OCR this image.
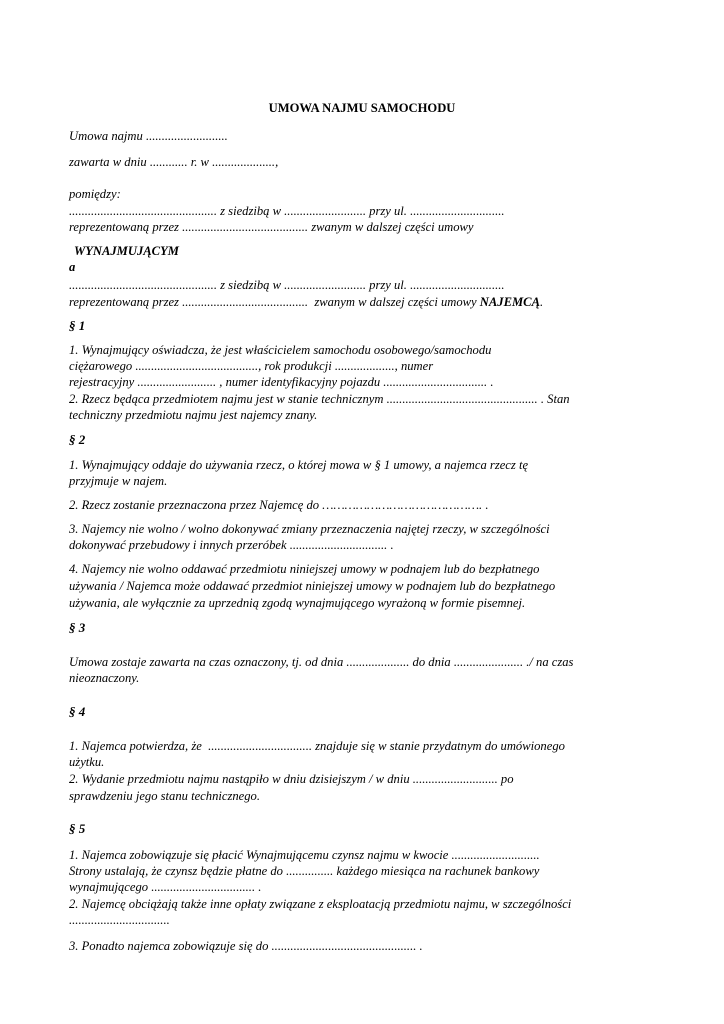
UMOWA NAJMU SAMOCHODU

Umowa najmu ..........................

zawarta w dniu ............ r. w ....................,

pomiędzy:

............................................... z siedzibą w .......................... przy ul. ..............................

reprezentowaną przez ........................................ zwanym w dalszej części umowy

WYNAJMUJĄCYM

a

............................................... z siedzibą w .......................... przy ul. ..............................

reprezentowaną przez ........................................  zwanym w dalszej części umowy NAJEMCĄ.

§ 1

1. Wynajmujący oświadcza, że jest właścicielem samochodu osobowego/samochodu

ciężarowego ......................................., rok produkcji ..................., numer

rejestracyjny ......................... , numer identyfikacyjny pojazdu ................................. .

2. Rzecz będąca przedmiotem najmu jest w stanie technicznym ................................................ . Stan

techniczny przedmiotu najmu jest najemcy znany.

§ 2

1. Wynajmujący oddaje do używania rzecz, o której mowa w § 1 umowy, a najemca rzecz tę

przyjmuje w najem.

2. Rzecz zostanie przeznaczona przez Najemcę do ……………………………………. .

3. Najemcy nie wolno / wolno dokonywać zmiany przeznaczenia najętej rzeczy, w szczególności

dokonywać przebudowy i innych przeróbek ............................... .

4. Najemcy nie wolno oddawać przedmiotu niniejszej umowy w podnajem lub do bezpłatnego

używania / Najemca może oddawać przedmiot niniejszej umowy w podnajem lub do bezpłatnego

używania, ale wyłącznie za uprzednią zgodą wynajmującego wyrażoną w formie pisemnej.

§ 3

Umowa zostaje zawarta na czas oznaczony, tj. od dnia .................... do dnia ...................... ./ na czas

nieoznaczony.

§ 4

1. Najemca potwierdza, że  ................................. znajduje się w stanie przydatnym do umówionego

użytku.

2. Wydanie przedmiotu najmu nastąpiło w dniu dzisiejszym / w dniu ........................... po

sprawdzeniu jego stanu technicznego.

§ 5

1. Najemca zobowiązuje się płacić Wynajmującemu czynsz najmu w kwocie ............................

Strony ustalają, że czynsz będzie płatne do ............... każdego miesiąca na rachunek bankowy

wynajmującego ................................. .

2. Najemcę obciążają także inne opłaty związane z eksploatacją przedmiotu najmu, w szczególności

................................

3. Ponadto najemca zobowiązuje się do .............................................. .
